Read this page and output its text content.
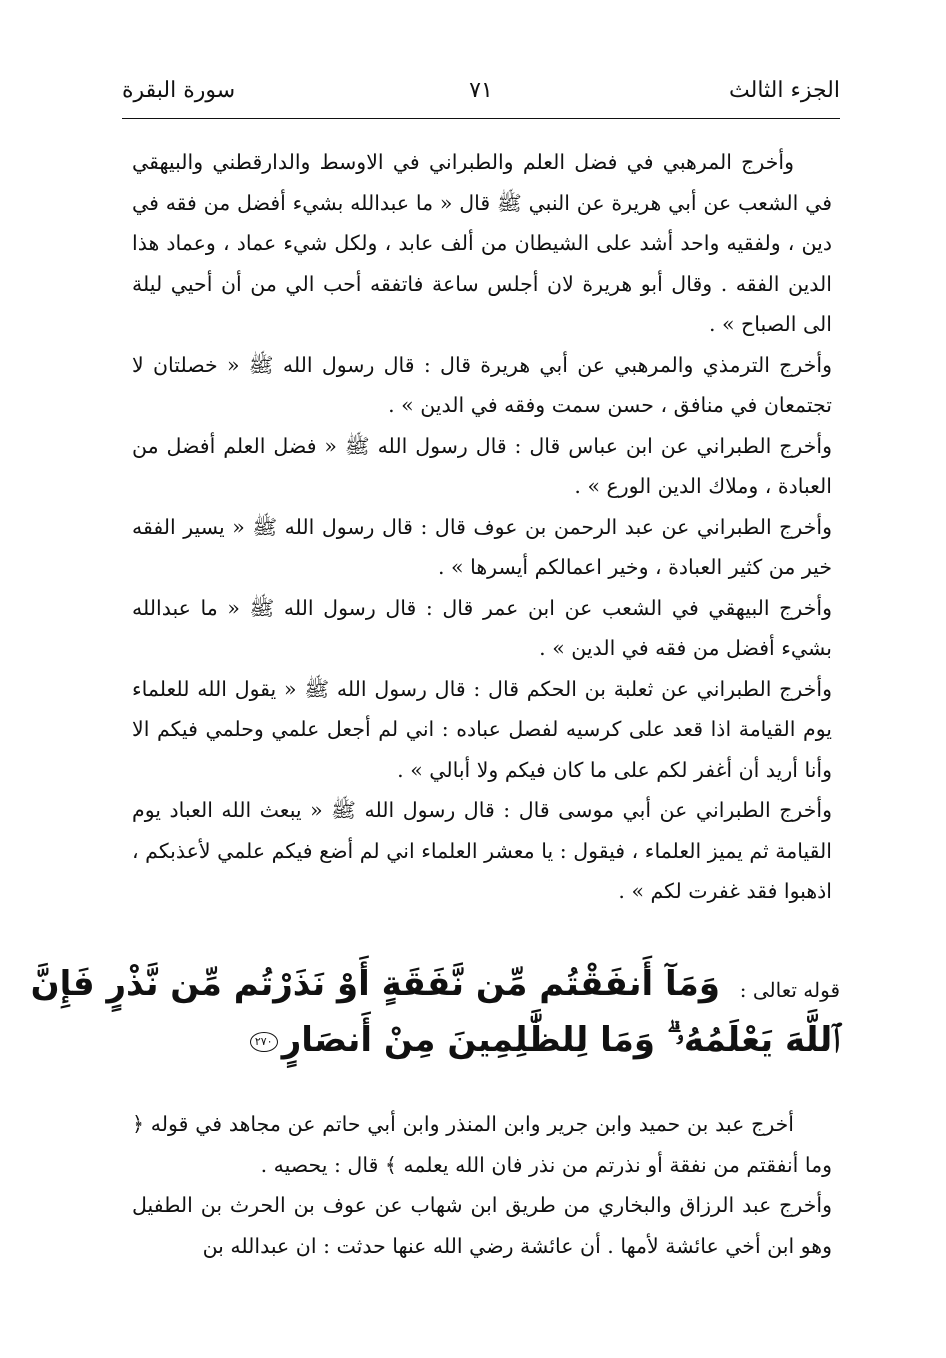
الجزء الثالث
٧١
سورة البقرة

وأخرج المرهبي في فضل العلم والطبراني في الاوسط والدارقطني والبيهقي في الشعب عن أبي هريرة عن النبي ﷺ قال « ما عبدالله بشيء أفضل من فقه في دين ، ولفقيه واحد أشد على الشيطان من ألف عابد ، ولكل شيء عماد ، وعماد هذا الدين الفقه . وقال أبو هريرة لان أجلس ساعة فاتفقه أحب الي من أن أحيي ليلة الى الصباح » .

وأخرج الترمذي والمرهبي عن أبي هريرة قال : قال رسول الله ﷺ « خصلتان لا تجتمعان في منافق ، حسن سمت وفقه في الدين » .

وأخرج الطبراني عن ابن عباس قال : قال رسول الله ﷺ « فضل العلم أفضل من العبادة ، وملاك الدين الورع » .

وأخرج الطبراني عن عبد الرحمن بن عوف قال : قال رسول الله ﷺ « يسير الفقه خير من كثير العبادة ، وخير اعمالكم أيسرها » .

وأخرج البيهقي في الشعب عن ابن عمر قال : قال رسول الله ﷺ « ما عبدالله بشيء أفضل من فقه في الدين » .

وأخرج الطبراني عن ثعلبة بن الحكم قال : قال رسول الله ﷺ « يقول الله للعلماء يوم القيامة اذا قعد على كرسيه لفصل عباده : اني لم أجعل علمي وحلمي فيكم الا وأنا أريد أن أغفر لكم على ما كان فيكم ولا أبالي » .

وأخرج الطبراني عن أبي موسى قال : قال رسول الله ﷺ « يبعث الله العباد يوم القيامة ثم يميز العلماء ، فيقول : يا معشر العلماء اني لم أضع فيكم علمي لأعذبكم ، اذهبوا فقد غفرت لكم » .

قوله تعالى :
وَمَآ أَنفَقْتُم مِّن نَّفَقَةٍ أَوْ نَذَرْتُم مِّن نَّذْرٍ فَإِنَّ
ٱللَّهَ يَعْلَمُهُۥ ۗ وَمَا لِلظَّٰلِمِينَ مِنْ أَنصَارٍ٢٧٠

أخرج عبد بن حميد وابن جرير وابن المنذر وابن أبي حاتم عن مجاهد في قوله ﴿ وما أنفقتم من نفقة أو نذرتم من نذر فان الله يعلمه ﴾ قال : يحصيه .

وأخرج عبد الرزاق والبخاري من طريق ابن شهاب عن عوف بن الحرث بن الطفيل وهو ابن أخي عائشة لأمها . أن عائشة رضي الله عنها حدثت : ان عبدالله بن
